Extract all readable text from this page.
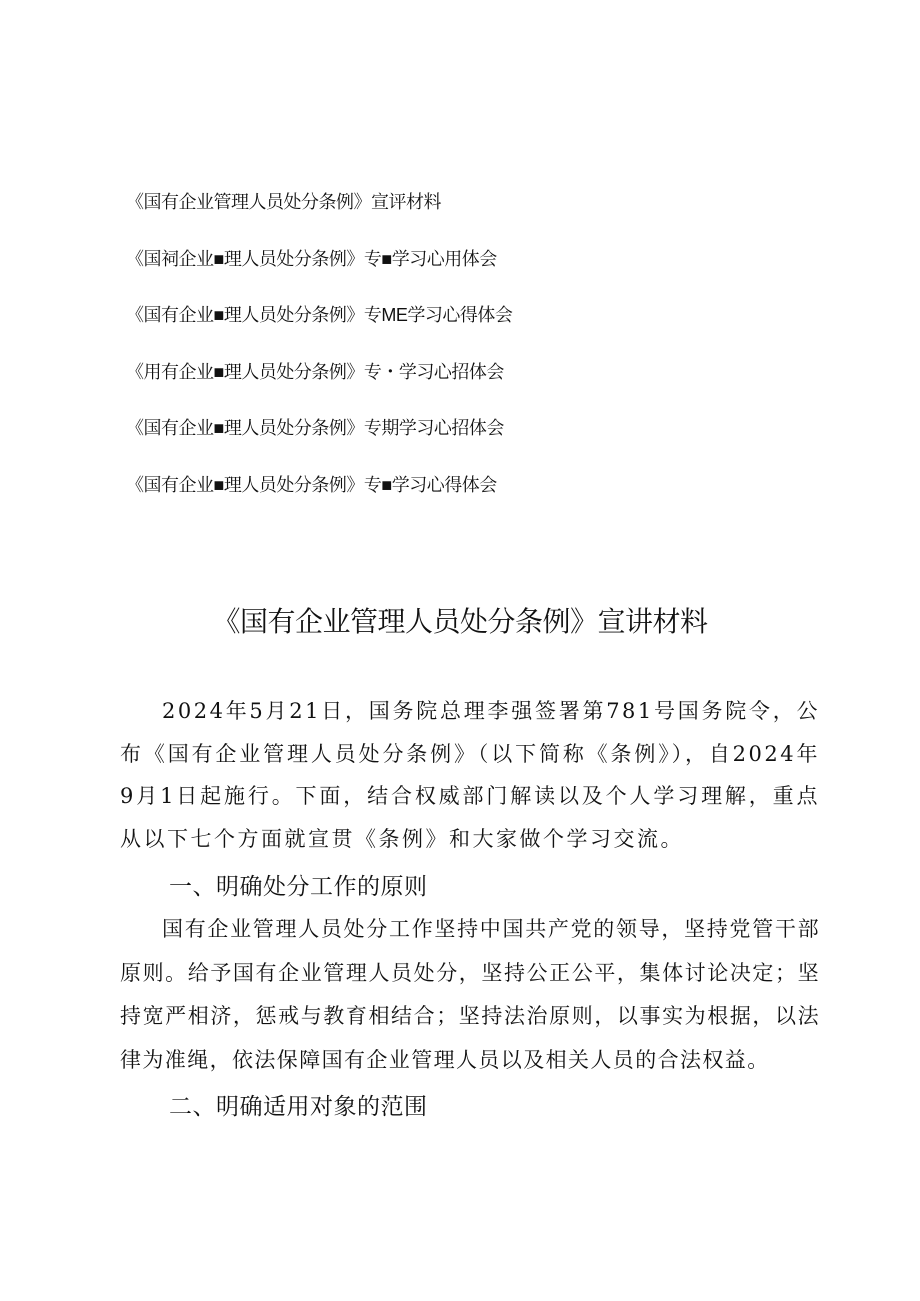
《国有企业管理人员处分条例》宣评材料
《国祠企业■理人员处分条例》专■学习心用体会
《国有企业■理人员处分条例》专ME学习心得体会
《用有企业■理人员处分条例》专・学习心招体会
《国有企业■理人员处分条例》专期学习心招体会
《国有企业■理人员处分条例》专■学习心得体会
《国有企业管理人员处分条例》宣讲材料

2024年5月21日，国务院总理李强签署第781号国务院令，公布《国有企业管理人员处分条例》（以下简称《条例》），自2024年9月1日起施行。下面，结合权威部门解读以及个人学习理解，重点从以下七个方面就宣贯《条例》和大家做个学习交流。

一、明确处分工作的原则

国有企业管理人员处分工作坚持中国共产党的领导，坚持党管干部原则。给予国有企业管理人员处分，坚持公正公平，集体讨论决定；坚持宽严相济，惩戒与教育相结合；坚持法治原则，以事实为根据，以法律为准绳，依法保障国有企业管理人员以及相关人员的合法权益。

二、明确适用对象的范围
